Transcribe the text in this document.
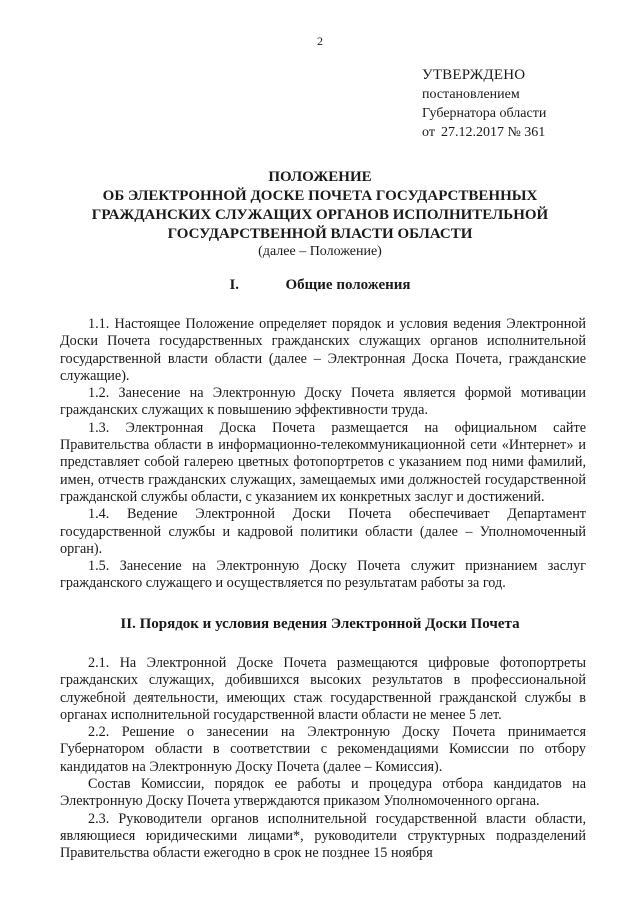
2
УТВЕРЖДЕНО
постановлением
Губернатора области
от 27.12.2017 № 361
ПОЛОЖЕНИЕ
ОБ ЭЛЕКТРОННОЙ ДОСКЕ ПОЧЕТА ГОСУДАРСТВЕННЫХ
ГРАЖДАНСКИХ СЛУЖАЩИХ ОРГАНОВ ИСПОЛНИТЕЛЬНОЙ
ГОСУДАРСТВЕННОЙ ВЛАСТИ ОБЛАСТИ
(далее – Положение)
I.	Общие положения

1.1. Настоящее Положение определяет порядок и условия ведения Электронной Доски Почета государственных гражданских служащих органов исполнительной государственной власти области (далее – Электронная Доска Почета, гражданские служащие).

1.2. Занесение на Электронную Доску Почета является формой мотивации гражданских служащих к повышению эффективности труда.

1.3. Электронная Доска Почета размещается на официальном сайте Правительства области в информационно-телекоммуникационной сети «Интернет» и представляет собой галерею цветных фотопортретов с указанием под ними фамилий, имен, отчеств гражданских служащих, замещаемых ими должностей государственной гражданской службы области, с указанием их конкретных заслуг и достижений.

1.4. Ведение Электронной Доски Почета обеспечивает Департамент государственной службы и кадровой политики области (далее – Уполномоченный орган).

1.5. Занесение на Электронную Доску Почета служит признанием заслуг гражданского служащего и осуществляется по результатам работы за год.

II. Порядок и условия ведения Электронной Доски Почета

2.1. На Электронной Доске Почета размещаются цифровые фотопортреты гражданских служащих, добившихся высоких результатов в профессиональной служебной деятельности, имеющих стаж государственной гражданской службы в органах исполнительной государственной власти области не менее 5 лет.

2.2. Решение о занесении на Электронную Доску Почета принимается Губернатором области в соответствии с рекомендациями Комиссии по отбору кандидатов на Электронную Доску Почета (далее – Комиссия).

Состав Комиссии, порядок ее работы и процедура отбора кандидатов на Электронную Доску Почета утверждаются приказом Уполномоченного органа.

2.3. Руководители органов исполнительной государственной власти области, являющиеся юридическими лицами*, руководители структурных подразделений Правительства области ежегодно в срок не позднее 15 ноября
